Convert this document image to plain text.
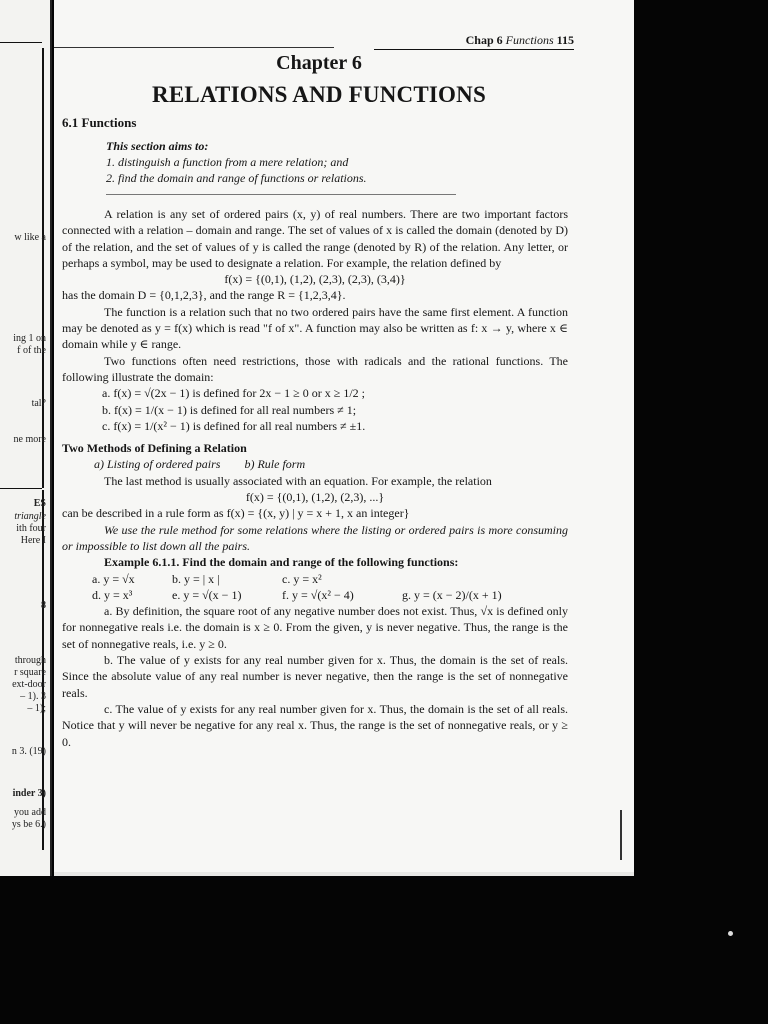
w like a
ing 1 on
f of the
tal?
ne more
ES
triangle
ith four
Here I
8
through
r square
ext-door
– 1). 3
– 1);
n 3. (19)
inder 3)
you add
ys be 6.)
Chap 6 Functions 115
Chapter 6
RELATIONS AND FUNCTIONS
6.1 Functions
This section aims to:
1. distinguish a function from a mere relation; and
2. find the domain and range of functions or relations.

A relation is any set of ordered pairs (x, y) of real numbers. There are two important factors connected with a relation – domain and range. The set of values of x is called the domain (denoted by D) of the relation, and the set of values of y is called the range (denoted by R) of the relation. Any letter, or perhaps a symbol, may be used to designate a relation. For example, the relation defined by

f(x) = {(0,1), (1,2), (2,3), (2,3), (3,4)}

has the domain D = {0,1,2,3}, and the range R = {1,2,3,4}.

The function is a relation such that no two ordered pairs have the same first element. A function may be denoted as y = f(x) which is read "f of x". A function may also be written as f: x → y, where x ∈ domain while y ∈ range.

Two functions often need restrictions, those with radicals and the rational functions. The following illustrate the domain:

a. f(x) = √(2x − 1) is defined for 2x − 1 ≥ 0 or x ≥ 1/2 ;

b. f(x) = 1/(x − 1) is defined for all real numbers ≠ 1;

c. f(x) = 1/(x² − 1) is defined for all real numbers ≠ ±1.

Two Methods of Defining a Relation

a) Listing of ordered pairs b) Rule form

The last method is usually associated with an equation. For example, the relation

f(x) = {(0,1), (1,2), (2,3), ...}

can be described in a rule form as f(x) = {(x, y) | y = x + 1, x an integer}

We use the rule method for some relations where the listing or ordered pairs is more consuming or impossible to list down all the pairs.

Example 6.1.1. Find the domain and range of the following functions:

a. y = √x	b. y = | x |	c. y = x²
d. y = x³	e. y = √(x − 1)	f. y = √(x² − 4)	g. y = (x − 2)/(x + 1)

a. By definition, the square root of any negative number does not exist. Thus, √x is defined only for nonnegative reals i.e. the domain is x ≥ 0. From the given, y is never negative. Thus, the range is the set of nonnegative reals, i.e. y ≥ 0.

b. The value of y exists for any real number given for x. Thus, the domain is the set of reals. Since the absolute value of any real number is never negative, then the range is the set of nonnegative reals.

c. The value of y exists for any real number given for x. Thus, the domain is the set of all reals. Notice that y will never be negative for any real x. Thus, the range is the set of nonnegative reals, or y ≥ 0.
